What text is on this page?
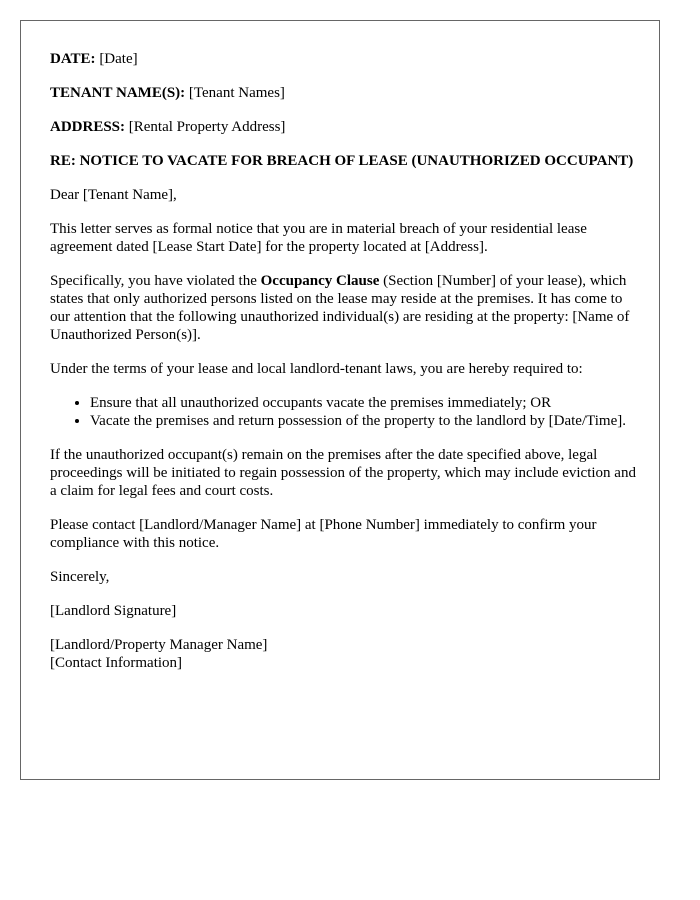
DATE: [Date]

TENANT NAME(S): [Tenant Names]

ADDRESS: [Rental Property Address]

RE: NOTICE TO VACATE FOR BREACH OF LEASE (UNAUTHORIZED OCCUPANT)

Dear [Tenant Name],

This letter serves as formal notice that you are in material breach of your residential lease agreement dated [Lease Start Date] for the property located at [Address].

Specifically, you have violated the Occupancy Clause (Section [Number] of your lease), which states that only authorized persons listed on the lease may reside at the premises. It has come to our attention that the following unauthorized individual(s) are residing at the property: [Name of Unauthorized Person(s)].

Under the terms of your lease and local landlord-tenant laws, you are hereby required to:

• Ensure that all unauthorized occupants vacate the premises immediately; OR
• Vacate the premises and return possession of the property to the landlord by [Date/Time].

If the unauthorized occupant(s) remain on the premises after the date specified above, legal proceedings will be initiated to regain possession of the property, which may include eviction and a claim for legal fees and court costs.

Please contact [Landlord/Manager Name] at [Phone Number] immediately to confirm your compliance with this notice.

Sincerely,

[Landlord Signature]

[Landlord/Property Manager Name]

[Contact Information]
